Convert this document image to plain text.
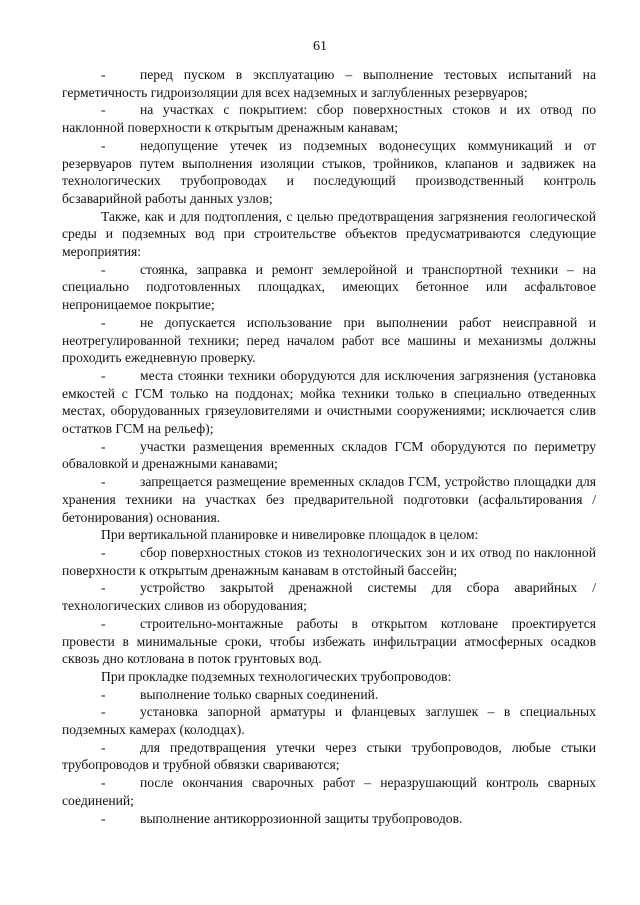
61

-	перед пуском в эксплуатацию – выполнение тестовых испытаний на герметичность гидроизоляции для всех надземных и заглубленных резервуаров;

-	на участках с покрытием: сбор поверхностных стоков и их отвод по наклонной поверхности к открытым дренажным канавам;

-	недопущение утечек из подземных водонесущих коммуникаций и от резервуаров путем выполнения изоляции стыков, тройников, клапанов и задвижек на технологических трубопроводах и последующий производственный контроль бсзаварийной работы данных узлов;

Также, как и для подтопления, с целью предотвращения загрязнения геологической среды и подземных вод при строительстве объектов предусматриваются следующие мероприятия:

-	стоянка, заправка и ремонт землеройной и транспортной техники – на специально подготовленных площадках, имеющих бетонное или асфальтовое непроницаемое покрытие;

-	не допускается использование при выполнении работ неисправной и неотрегулированной техники; перед началом работ все машины и механизмы должны проходить ежедневную проверку.

-	места стоянки техники оборудуются для исключения загрязнения (установка емкостей с ГСМ только на поддонах; мойка техники только в специально отведенных местах, оборудованных грязеуловителями и очистными сооружениями; исключается слив остатков ГСМ на рельеф);

-	участки размещения временных складов ГСМ оборудуются по периметру обваловкой и дренажными канавами;

-	запрещается размещение временных складов ГСМ, устройство площадки для хранения техники на участках без предварительной подготовки (асфальтирования / бетонирования) основания.

При вертикальной планировке и нивелировке площадок в целом:

-	сбор поверхностных стоков из технологических зон и их отвод по наклонной поверхности к открытым дренажным канавам в отстойный бассейн;

-	устройство закрытой дренажной системы для сбора аварийных / технологических сливов из оборудования;

-	строительно-монтажные работы в открытом котловане проектируется провести в минимальные сроки, чтобы избежать инфильтрации атмосферных осадков сквозь дно котлована в поток грунтовых вод.

При прокладке подземных технологических трубопроводов:

-	выполнение только сварных соединений.

-	установка запорной арматуры и фланцевых заглушек – в специальных подземных камерах (колодцах).

-	для предотвращения утечки через стыки трубопроводов, любые стыки трубопроводов и трубной обвязки свариваются;

-	после окончания сварочных работ – неразрушающий контроль сварных соединений;

-	выполнение антикоррозионной защиты трубопроводов.
